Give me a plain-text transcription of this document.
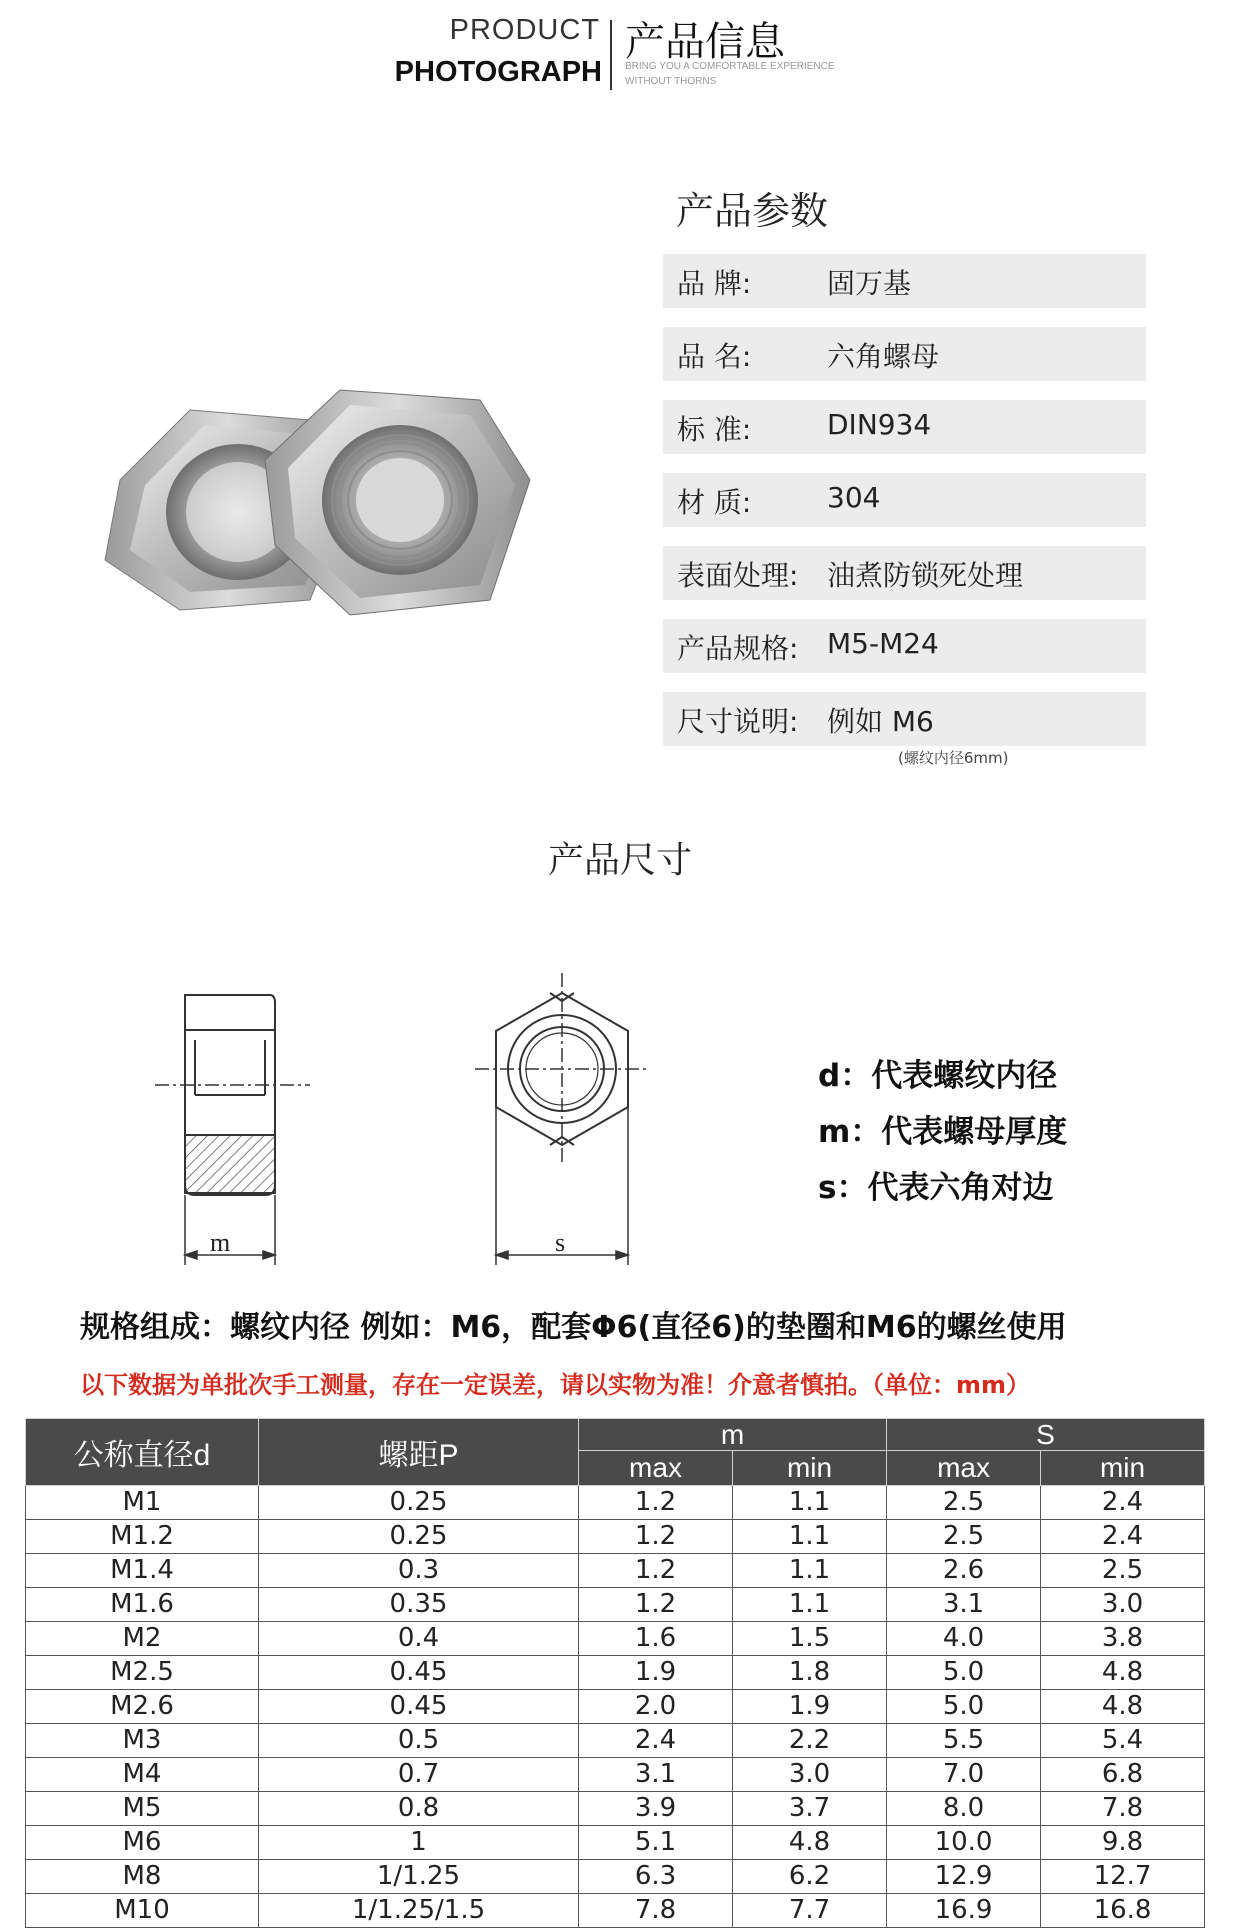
PRODUCT
PHOTOGRAPH
产品信息
BRING YOU A COMFORTABLE EXPERIENCE
WITHOUT THORNS
产品参数
品 牌:	固万基
品 名:	六角螺母
标 准:	DIN934
材 质:	304
表面处理: 油煮防锁死处理
产品规格: M5-M24
尺寸说明: 例如 M6
(螺纹内径6mm)
产品尺寸
m	s
d：代表螺纹内径
m：代表螺母厚度
s：代表六角对边
规格组成：螺纹内径 例如：M6，配套Φ6(直径6)的垫圈和M6的螺丝使用
以下数据为单批次手工测量，存在一定误差，请以实物为准！介意者慎拍。（单位：mm）
公称直径d	螺距P	m		S	
		max	min	max	min
M1	0.25	1.2	1.1	2.5	2.4
M1.2	0.25	1.2	1.1	2.5	2.4
M1.4	0.3	1.2	1.1	2.6	2.5
M1.6	0.35	1.2	1.1	3.1	3.0
M2	0.4	1.6	1.5	4.0	3.8
M2.5	0.45	1.9	1.8	5.0	4.8
M2.6	0.45	2.0	1.9	5.0	4.8
M3	0.5	2.4	2.2	5.5	5.4
M4	0.7	3.1	3.0	7.0	6.8
M5	0.8	3.9	3.7	8.0	7.8
M6	1	5.1	4.8	10.0	9.8
M8	1/1.25	6.3	6.2	12.9	12.7
M10	1/1.25/1.5	7.8	7.7	16.9	16.8
